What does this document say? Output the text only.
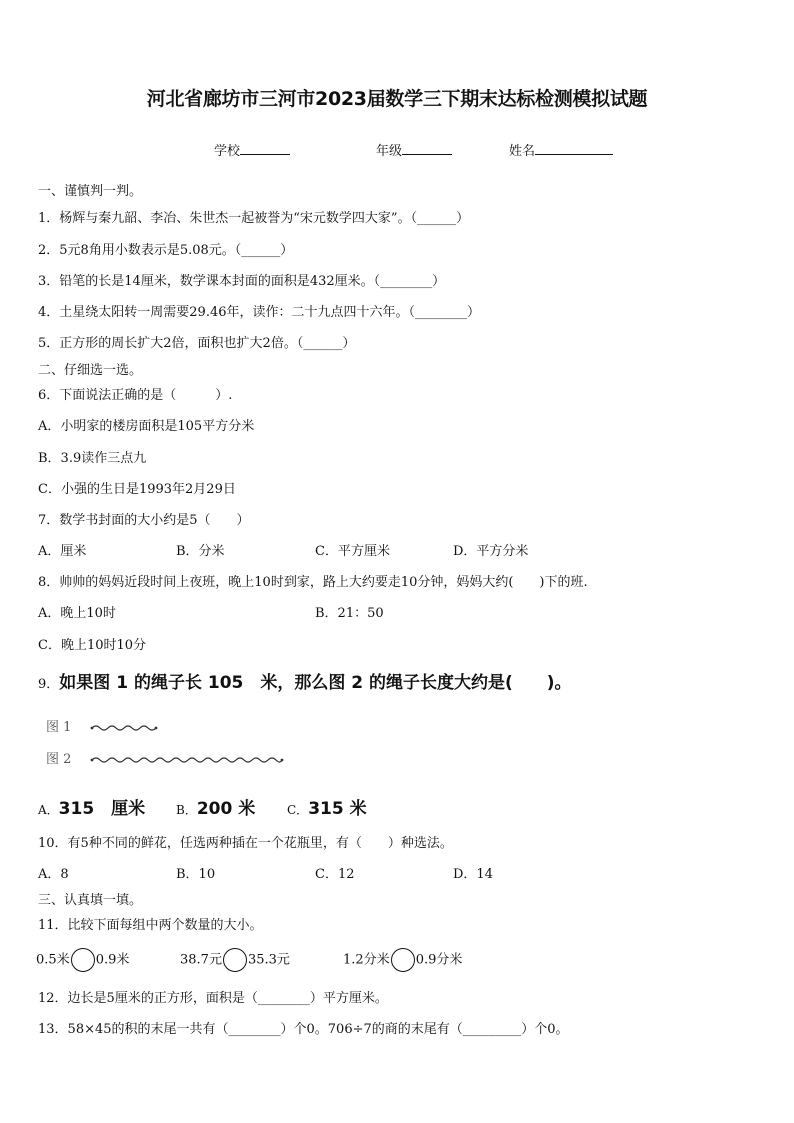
河北省廊坊市三河市2023届数学三下期末达标检测模拟试题
学校	年级	姓名
一、谨慎判一判。
1．杨辉与秦九韶、李冶、朱世杰一起被誉为“宋元数学四大家”。（______）
2．5元8角用小数表示是5.08元。（______）
3．铅笔的长是14厘米，数学课本封面的面积是432厘米。（________）
4．土星绕太阳转一周需要29.46年，读作：二十九点四十六年。（________）
5．正方形的周长扩大2倍，面积也扩大2倍。（______）
二、仔细选一选。
6．下面说法正确的是（　　　）.
A．小明家的楼房面积是105平方分米
B．3.9读作三点九
C．小强的生日是1993年2月29日
7．数学书封面的大小约是5（　　）
A．厘米	B．分米	C．平方厘米	D．平方分米
8．帅帅的妈妈近段时间上夜班，晚上10时到家，路上大约要走10分钟，妈妈大约(　　)下的班.
A．晚上10时	B．21：50
C．晚上10时10分
9．如果图 1 的绳子长 105　米，那么图 2 的绳子长度大约是(　　)。
图 1
图 2
A．315　厘米	B．200 米	C．315 米
10．有5种不同的鲜花，任选两种插在一个花瓶里，有（　　）种选法。
A．8	B．10	C．12	D．14
三、认真填一填。
11．比较下面每组中两个数量的大小。
0.5米 0.9米	38.7元 35.3元	1.2分米 0.9分米
12．边长是5厘米的正方形，面积是（________）平方厘米。
13．58×45的积的末尾一共有（________）个0。706÷7的商的末尾有（_________）个0。
